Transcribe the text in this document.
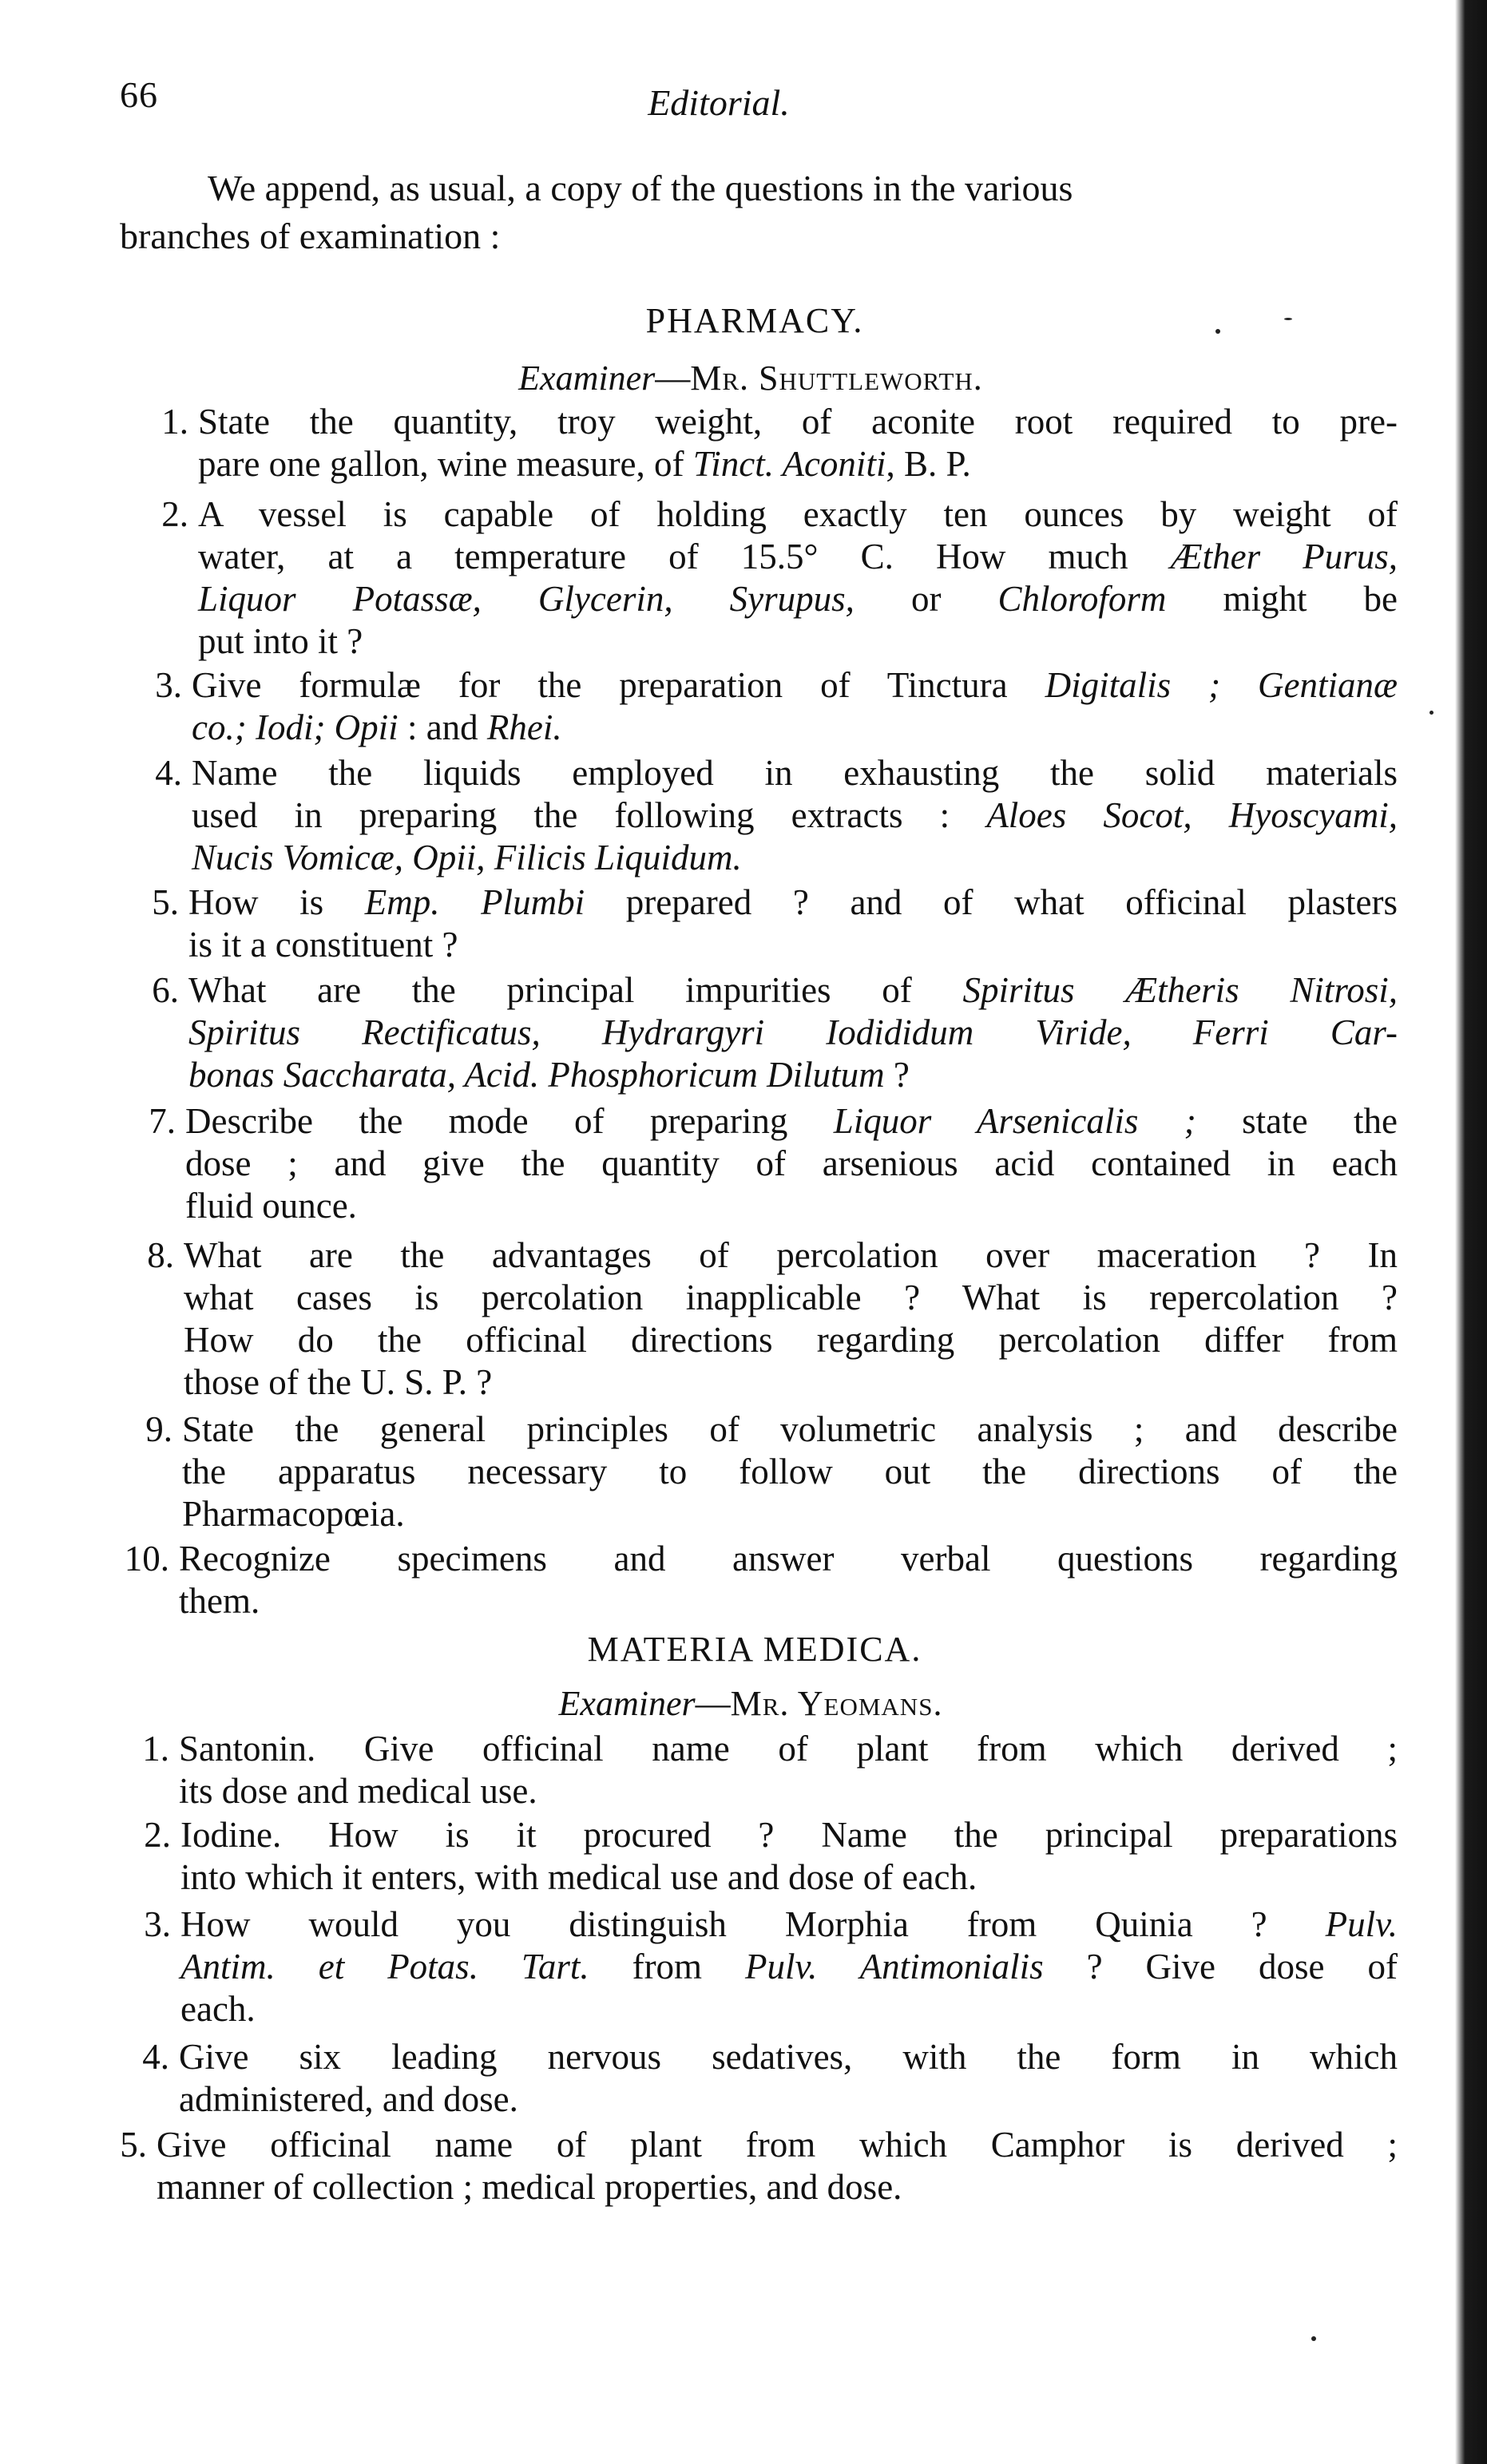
66	Editorial.
We append, as usual, a copy of the questions in the various
branches of examination :
PHARMACY.
Examiner—Mr. Shuttleworth.
1. State the quantity, troy weight, of aconite root required to pre-
pare one gallon, wine measure, of Tinct. Aconiti, B. P.
2. A vessel is capable of holding exactly ten ounces by weight of
water, at a temperature of 15.5° C. How much Æther Purus,
Liquor Potassæ, Glycerin, Syrupus, or Chloroform might be
put into it ?
3. Give formulæ for the preparation of Tinctura Digitalis ; Gentianæ
co.; Iodi; Opii : and Rhei.
4. Name the liquids employed in exhausting the solid materials
used in preparing the following extracts : Aloes Socot, Hyoscyami,
Nucis Vomicæ, Opii, Filicis Liquidum.
5. How is Emp. Plumbi prepared ? and of what officinal plasters
is it a constituent ?
6. What are the principal impurities of Spiritus Ætheris Nitrosi,
Spiritus Rectificatus, Hydrargyri Iodididum Viride, Ferri Car-
bonas Saccharata, Acid. Phosphoricum Dilutum ?
7. Describe the mode of preparing Liquor Arsenicalis ; state the
dose ; and give the quantity of arsenious acid contained in each
fluid ounce.
8. What are the advantages of percolation over maceration ? In
what cases is percolation inapplicable ? What is repercolation ?
How do the officinal directions regarding percolation differ from
those of the U. S. P. ?
9. State the general principles of volumetric analysis ; and describe
the apparatus necessary to follow out the directions of the
Pharmacopœia.
10. Recognize specimens and answer verbal questions regarding
them.
MATERIA MEDICA.
Examiner—Mr. Yeomans.
1. Santonin. Give officinal name of plant from which derived ;
its dose and medical use.
2. Iodine. How is it procured ? Name the principal preparations
into which it enters, with medical use and dose of each.
3. How would you distinguish Morphia from Quinia ? Pulv.
Antim. et Potas. Tart. from Pulv. Antimonialis ? Give dose of
each.
4. Give six leading nervous sedatives, with the form in which
administered, and dose.
5. Give officinal name of plant from which Camphor is derived ;
manner of collection ; medical properties, and dose.
